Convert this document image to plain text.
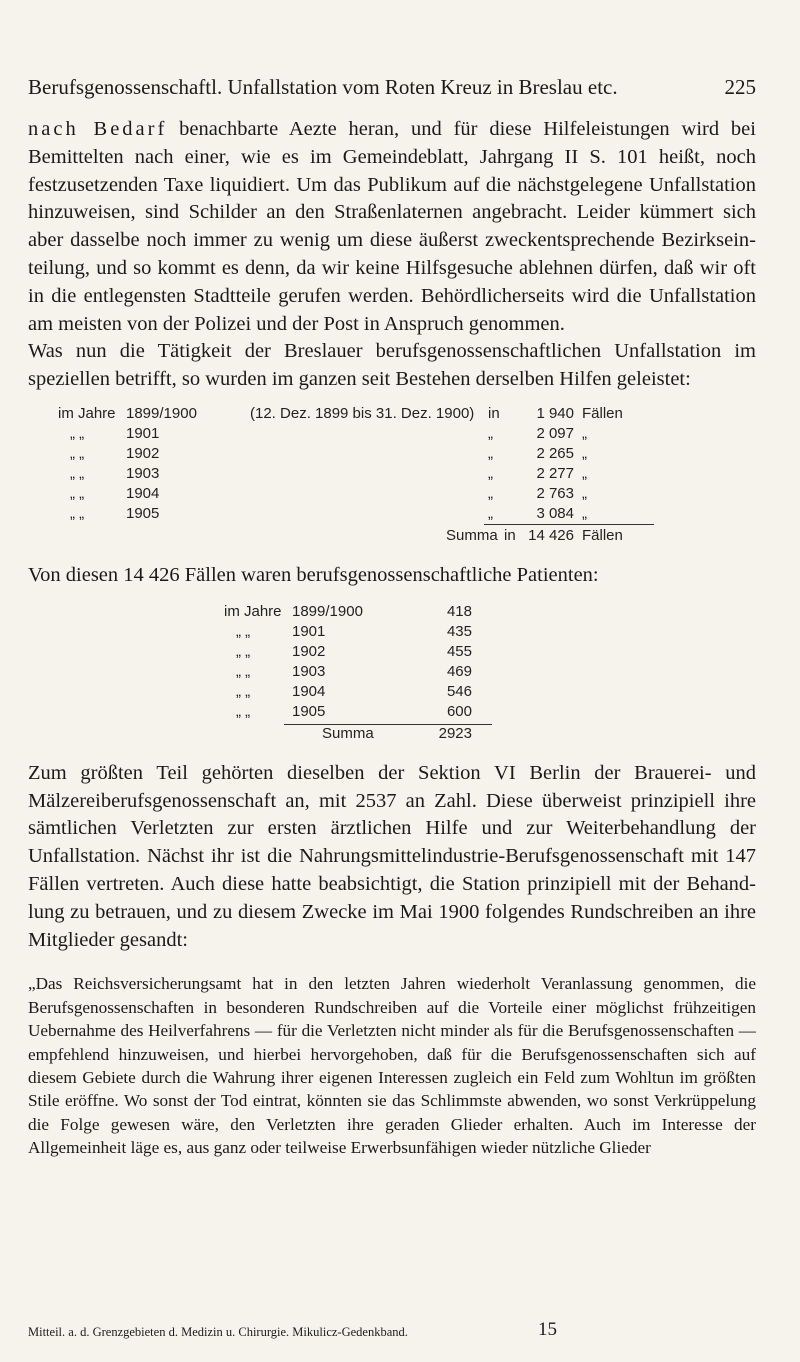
Berufsgenossenschaftl. Unfallstation vom Roten Kreuz in Breslau etc.	225

nach Bedarf benachbarte Aezte heran, und für diese Hilfeleistungen wird bei Bemittelten nach einer, wie es im Gemeindeblatt, Jahrgang II S. 101 heißt, noch festzusetzenden Taxe liquidiert. Um das Publikum auf die nächstgelegene Unfallstation hinzuweisen, sind Schilder an den Straßenlaternen angebracht. Leider kümmert sich aber dasselbe noch immer zu wenig um diese äußerst zweckentsprechende Bezirkseinteilung, und so kommt es denn, da wir keine Hilfsgesuche ablehnen dürfen, daß wir oft in die entlegensten Stadtteile gerufen werden. Behördlicherseits wird die Unfallstation am meisten von der Polizei und der Post in Anspruch genommen.

Was nun die Tätigkeit der Breslauer berufsgenossenschaftlichen Unfallstation im speziellen betrifft, so wurden im ganzen seit Bestehen derselben Hilfen geleistet:

im Jahre 1899/1900	(12. Dez. 1899 bis 31. Dez. 1900) in	1 940 Fällen
„ „	1901	„	2 097 „
„ „	1902	„	2 265 „
„ „	1903	„	2 277 „
„ „	1904	„	2 763 „
„ „	1905	„	3 084 „
Summa in 14 426 Fällen

Von diesen 14 426 Fällen waren berufsgenossenschaftliche Patienten:

im Jahre 1899/1900	418
„ „	1901	435
„ „	1902	455
„ „	1903	469
„ „	1904	546
„ „	1905	600
Summa	2923

Zum größten Teil gehörten dieselben der Sektion VI Berlin der Brauerei- und Mälzereiberufsgenossenschaft an, mit 2537 an Zahl. Diese überweist prinzipiell ihre sämtlichen Verletzten zur ersten ärztlichen Hilfe und zur Weiterbehandlung der Unfallstation. Nächst ihr ist die Nahrungsmittelindustrie-Berufsgenossenschaft mit 147 Fällen vertreten. Auch diese hatte beabsichtigt, die Station prinzipiell mit der Behandlung zu betrauen, und zu diesem Zwecke im Mai 1900 folgendes Rundschreiben an ihre Mitglieder gesandt:

„Das Reichsversicherungsamt hat in den letzten Jahren wiederholt Veranlassung genommen, die Berufsgenossenschaften in besonderen Rundschreiben auf die Vorteile einer möglichst frühzeitigen Uebernahme des Heilverfahrens — für die Verletzten nicht minder als für die Berufsgenossenschaften — empfehlend hinzuweisen, und hierbei hervorgehoben, daß für die Berufsgenossenschaften sich auf diesem Gebiete durch die Wahrung ihrer eigenen Interessen zugleich ein Feld zum Wohltun im größten Stile eröffne. Wo sonst der Tod eintrat, könnten sie das Schlimmste abwenden, wo sonst Verkrüppelung die Folge gewesen wäre, den Verletzten ihre geraden Glieder erhalten. Auch im Interesse der Allgemeinheit läge es, aus ganz oder teilweise Erwerbsunfähigen wieder nützliche Glieder

Mitteil. a. d. Grenzgebieten d. Medizin u. Chirurgie. Mikulicz-Gedenkband.	15
